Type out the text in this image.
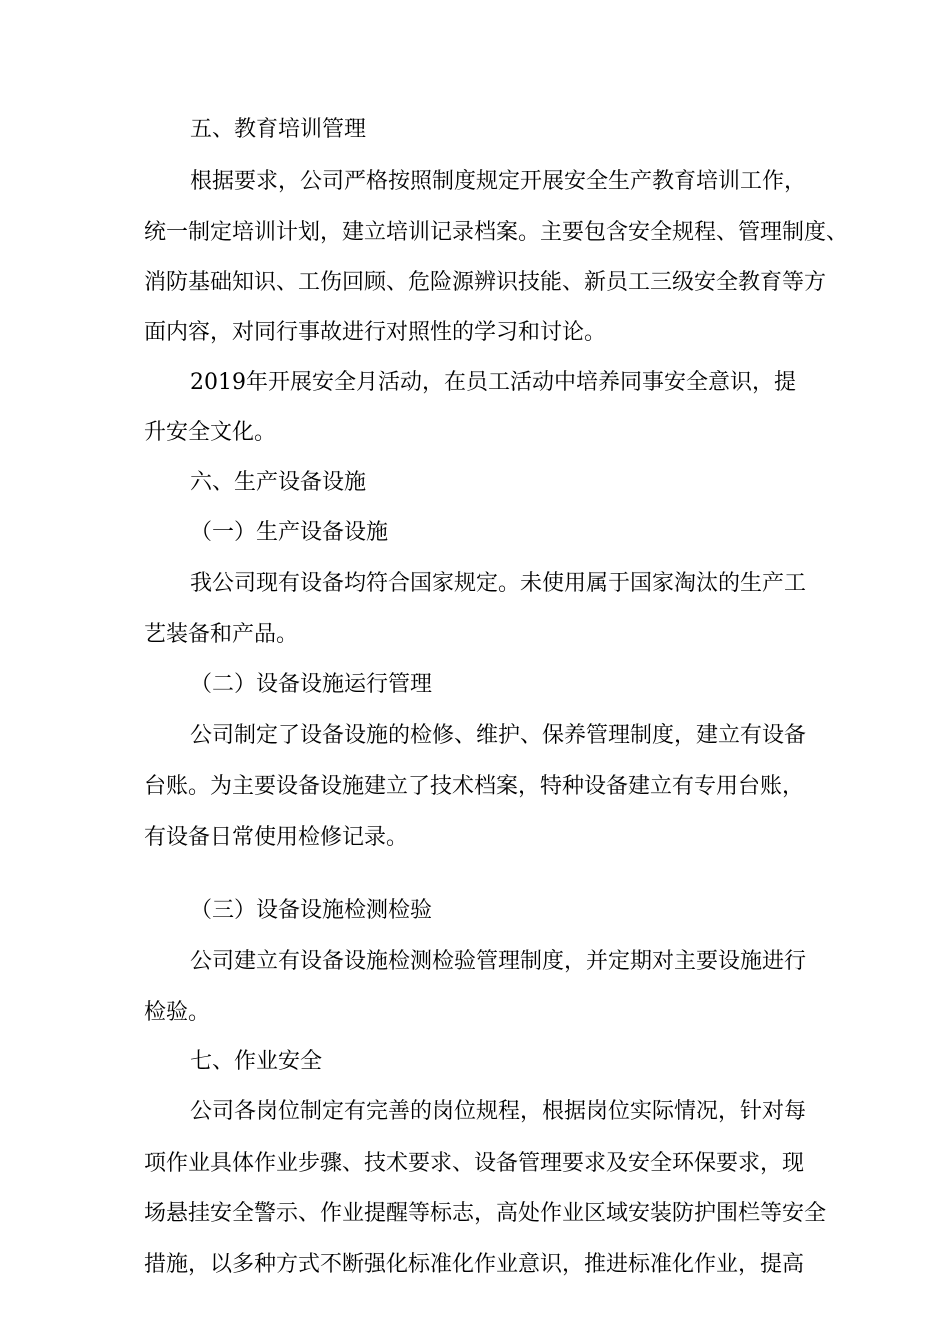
五、教育培训管理
根据要求，公司严格按照制度规定开展安全生产教育培训工作，
统一制定培训计划，建立培训记录档案。主要包含安全规程、管理制度、
消防基础知识、工伤回顾、危险源辨识技能、新员工三级安全教育等方
面内容，对同行事故进行对照性的学习和讨论。
2019年开展安全月活动，在员工活动中培养同事安全意识，提
升安全文化。
六、生产设备设施
（一）生产设备设施
我公司现有设备均符合国家规定。未使用属于国家淘汰的生产工
艺装备和产品。
（二）设备设施运行管理
公司制定了设备设施的检修、维护、保养管理制度，建立有设备
台账。为主要设备设施建立了技术档案，特种设备建立有专用台账，
有设备日常使用检修记录。
（三）设备设施检测检验
公司建立有设备设施检测检验管理制度，并定期对主要设施进行
检验。
七、作业安全
公司各岗位制定有完善的岗位规程，根据岗位实际情况，针对每
项作业具体作业步骤、技术要求、设备管理要求及安全环保要求，现
场悬挂安全警示、作业提醒等标志，高处作业区域安装防护围栏等安全
措施，以多种方式不断强化标准化作业意识，推进标准化作业，提高
